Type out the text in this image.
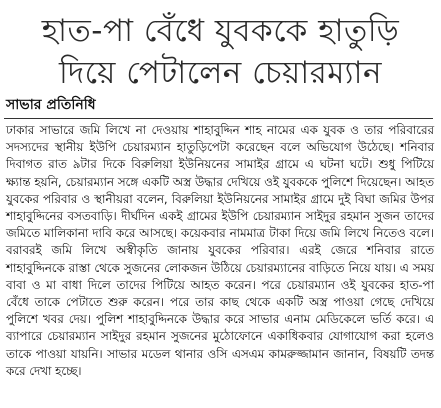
হাত-পা বেঁধে যুবককে হাতুড়ি
দিয়ে পেটালেন চেয়ারম্যান
সাভার প্রতিনিধি

ঢাকার সাভারে জমি লিখে না দেওয়ায় শাহাবুদ্দিন শাহ নামের এক যুবক ও তার পরিবারের সদস্যদের স্থানীয় ইউপি চেয়ারম্যান হাতুড়িপেটা করেছেন বলে অভিযোগ উঠেছে। শনিবার দিবাগত রাত ৯টার দিকে বিরুলিয়া ইউনিয়নের সামাইর গ্রামে এ ঘটনা ঘটে। শুধু পিটিয়ে ক্ষ্যান্ত হয়নি, চেয়ারম্যান সঙ্গে একটি অস্ত্র উদ্ধার দেখিয়ে ওই যুবককে পুলিশে দিয়েছেন। আহত যুবকের পরিবার ও স্থানীয়রা বলেন, বিরুলিয়া ইউনিয়নের সামাইর গ্রামে দুই বিঘা জমির উপর শাহাবুদ্দিনের বসতবাড়ি। দীর্ঘদিন একই গ্রামের ইউপি চেয়ারম্যান সাইদুর রহমান সুজন তাদের জমিতে মালিকানা দাবি করে আসছে। কয়েকবার নামমাত্র টাকা দিয়ে জমি লিখে নিতেও বলে। বরাবরই জমি লিখে অস্বীকৃতি জানায় যুবকের পরিবার। এরই জেরে শনিবার রাতে শাহাবুদ্দিনকে রাস্তা থেকে সুজনের লোকজন উঠিয়ে চেয়ারম্যানের বাড়িতে নিয়ে যায়। এ সময় বাবা ও মা বাধা দিলে তাদের পিটিয়ে আহত করেন। পরে চেয়ারম্যান ওই যুবকের হাত-পা বেঁধে তাকে পেটাতে শুরু করেন। পরে তার কাছ থেকে একটি অস্ত্র পাওয়া গেছে দেখিয়ে পুলিশে খবর দেয়। পুলিশ শাহাবুদ্দিনকে উদ্ধার করে সাভার এনাম মেডিকেলে ভর্তি করে। এ ব্যাপারে চেয়ারম্যান সাইদুর রহমান সুজনের মুঠোফোনে একাধিকবার যোগাযোগ করা হলেও তাকে পাওয়া যায়নি। সাভার মডেল থানার ওসি এসএম কামরুজ্জামান জানান, বিষয়টি তদন্ত করে দেখা হচ্ছে।
